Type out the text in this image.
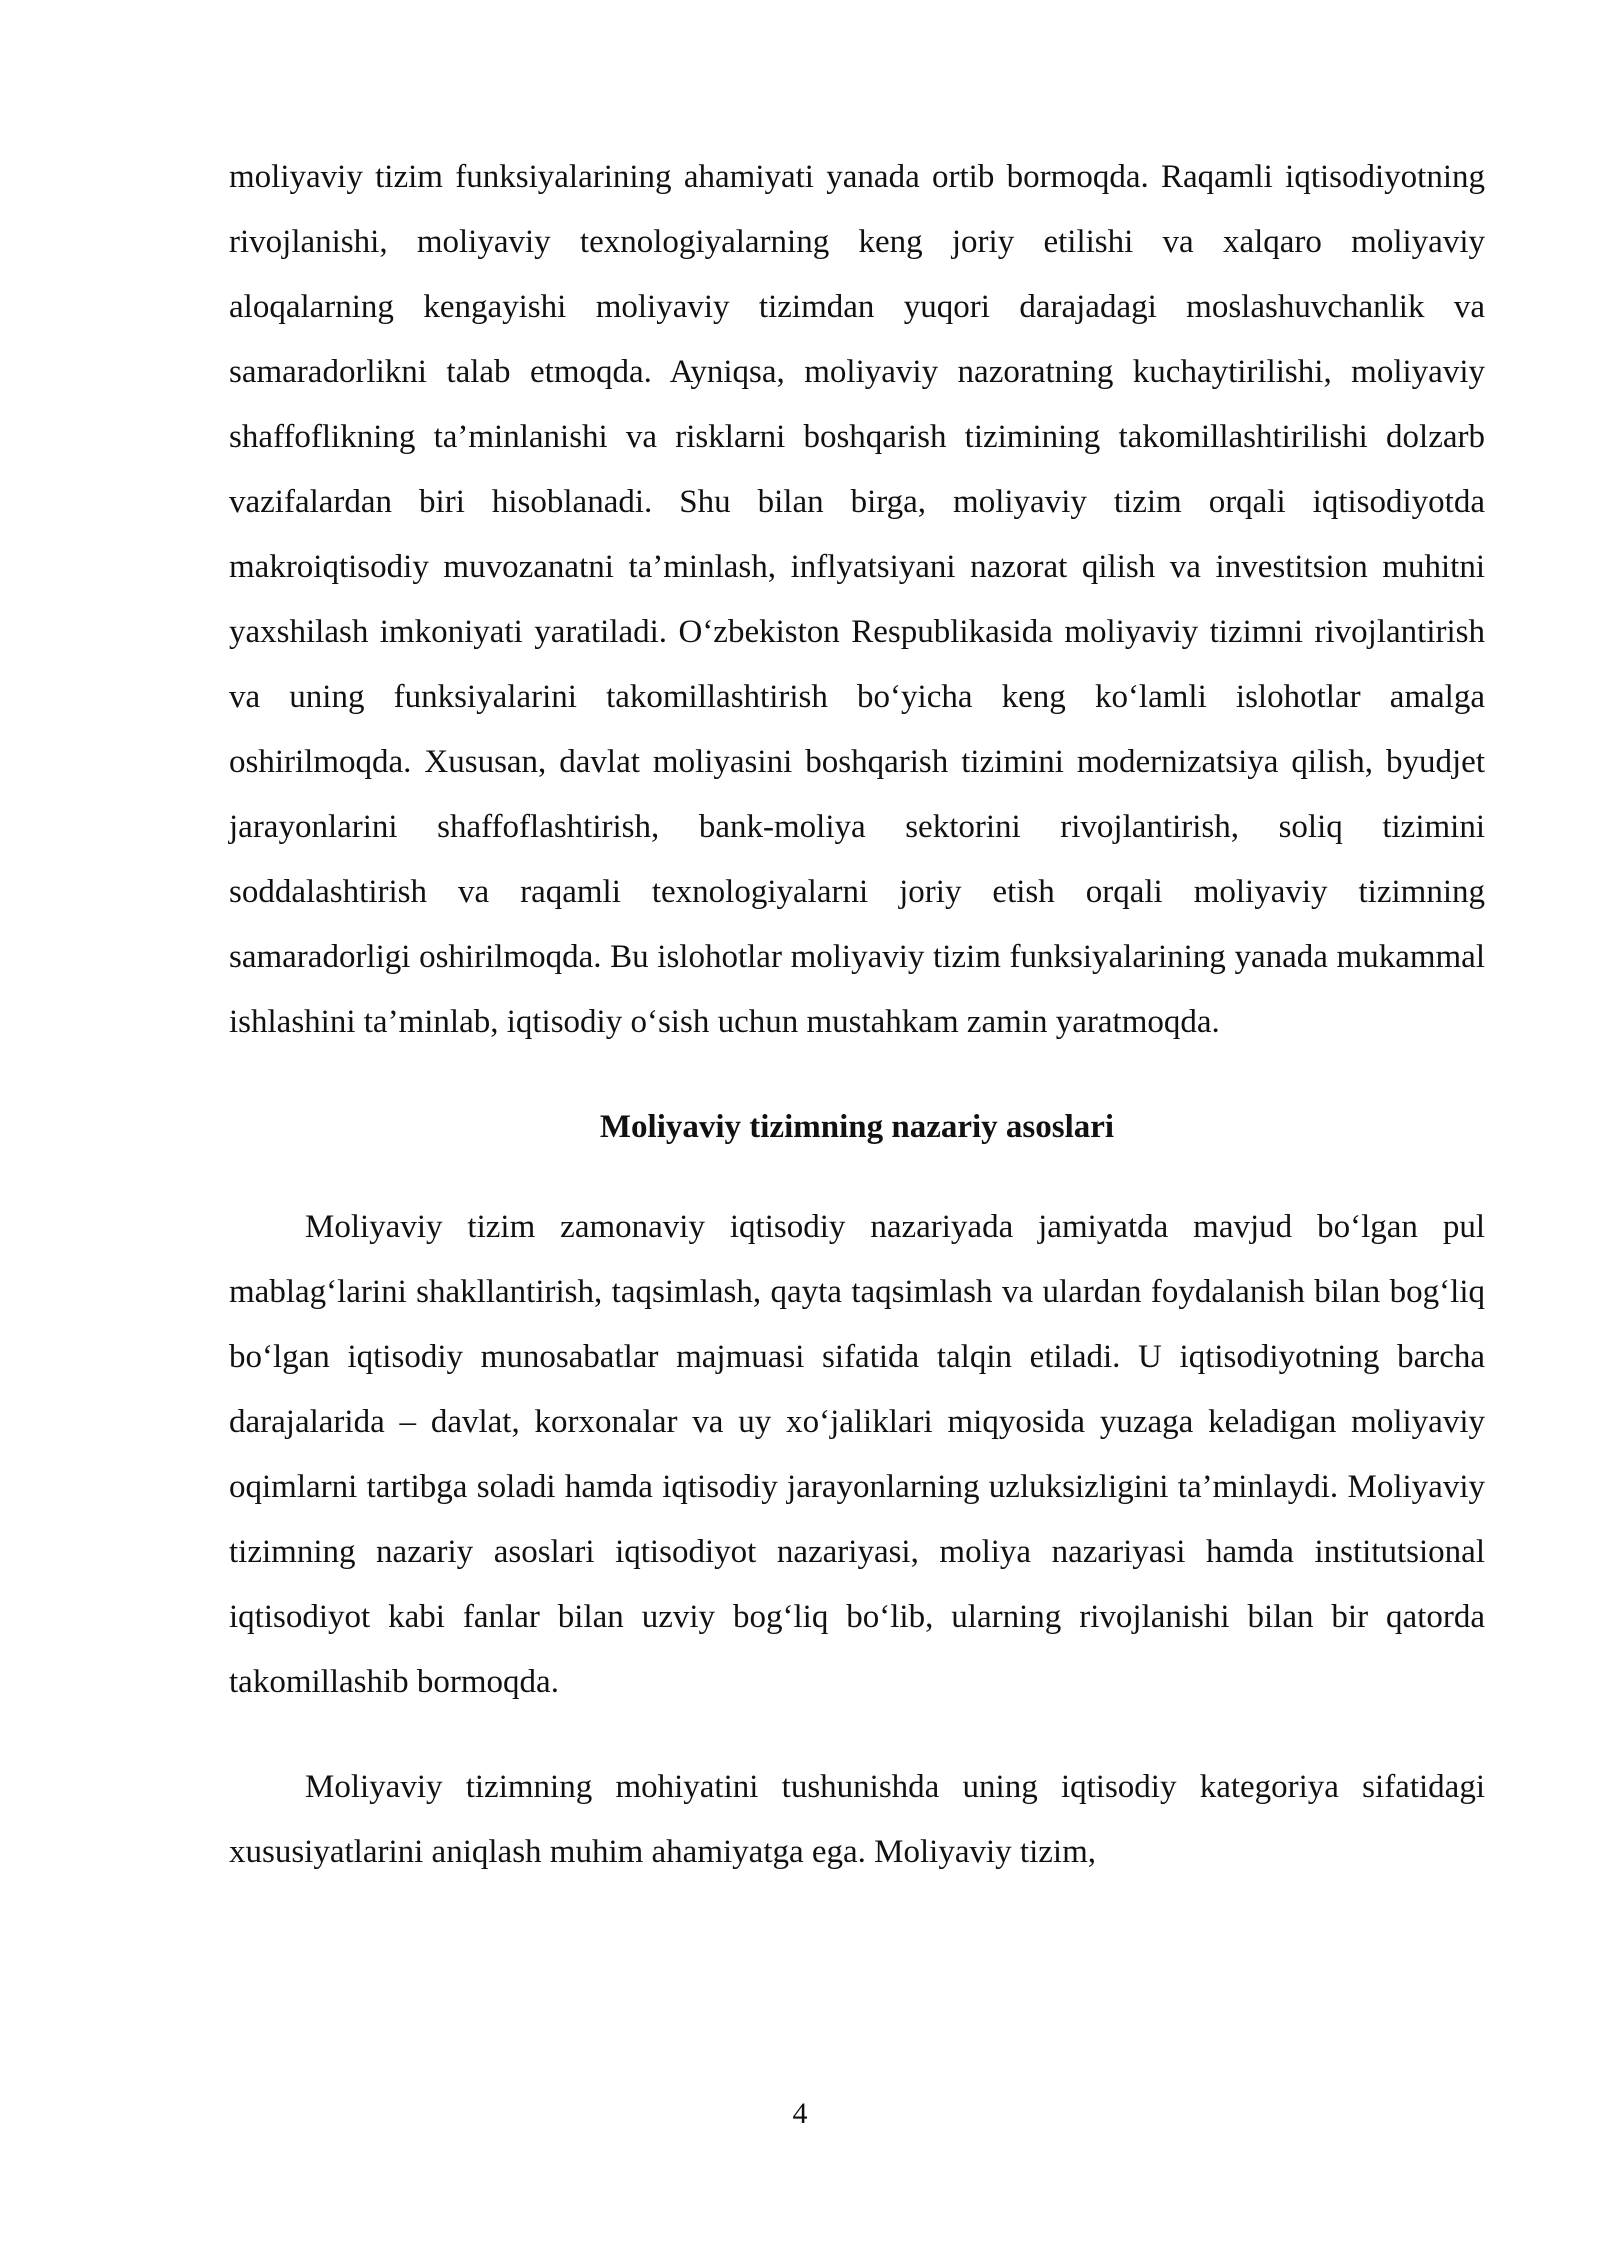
moliyaviy tizim funksiyalarining ahamiyati yanada ortib bormoqda. Raqamli iqtisodiyotning rivojlanishi, moliyaviy texnologiyalarning keng joriy etilishi va xalqaro moliyaviy aloqalarning kengayishi moliyaviy tizimdan yuqori darajadagi moslashuvchanlik va samaradorlikni talab etmoqda. Ayniqsa, moliyaviy nazoratning kuchaytirilishi, moliyaviy shaffoflikning ta’minlanishi va risklarni boshqarish tizimining takomillashtirilishi dolzarb vazifalardan biri hisoblanadi. Shu bilan birga, moliyaviy tizim orqali iqtisodiyotda makroiqtisodiy muvozanatni ta’minlash, inflyatsiyani nazorat qilish va investitsion muhitni yaxshilash imkoniyati yaratiladi. O‘zbekiston Respublikasida moliyaviy tizimni rivojlantirish va uning funksiyalarini takomillashtirish bo‘yicha keng ko‘lamli islohotlar amalga oshirilmoqda. Xususan, davlat moliyasini boshqarish tizimini modernizatsiya qilish, byudjet jarayonlarini shaffoflashtirish, bank-moliya sektorini rivojlantirish, soliq tizimini soddalashtirish va raqamli texnologiyalarni joriy etish orqali moliyaviy tizimning samaradorligi oshirilmoqda. Bu islohotlar moliyaviy tizim funksiyalarining yanada mukammal ishlashini ta’minlab, iqtisodiy o‘sish uchun mustahkam zamin yaratmoqda.

Moliyaviy tizimning nazariy asoslari

Moliyaviy tizim zamonaviy iqtisodiy nazariyada jamiyatda mavjud bo‘lgan pul mablag‘larini shakllantirish, taqsimlash, qayta taqsimlash va ulardan foydalanish bilan bog‘liq bo‘lgan iqtisodiy munosabatlar majmuasi sifatida talqin etiladi. U iqtisodiyotning barcha darajalarida – davlat, korxonalar va uy xo‘jaliklari miqyosida yuzaga keladigan moliyaviy oqimlarni tartibga soladi hamda iqtisodiy jarayonlarning uzluksizligini ta’minlaydi. Moliyaviy tizimning nazariy asoslari iqtisodiyot nazariyasi, moliya nazariyasi hamda institutsional iqtisodiyot kabi fanlar bilan uzviy bog‘liq bo‘lib, ularning rivojlanishi bilan bir qatorda takomillashib bormoqda.

Moliyaviy tizimning mohiyatini tushunishda uning iqtisodiy kategoriya sifatidagi xususiyatlarini aniqlash muhim ahamiyatga ega. Moliyaviy tizim,

4
